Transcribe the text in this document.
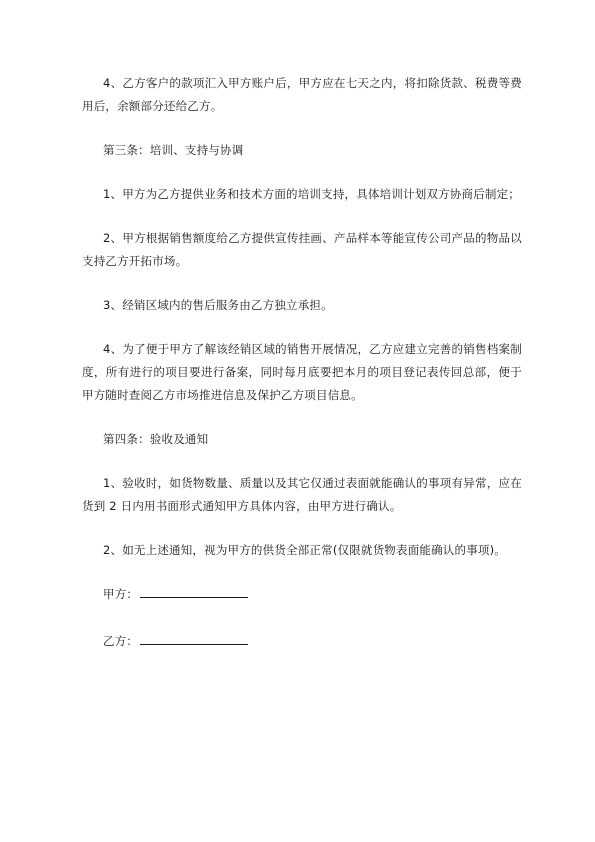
4、乙方客户的款项汇入甲方账户后，甲方应在七天之内，将扣除货款、税费等费用后，余额部分还给乙方。

第三条：培训、支持与协调

1、甲方为乙方提供业务和技术方面的培训支持，具体培训计划双方协商后制定；

2、甲方根据销售额度给乙方提供宣传挂画、产品样本等能宣传公司产品的物品以支持乙方开拓市场。

3、经销区域内的售后服务由乙方独立承担。

4、为了便于甲方了解该经销区域的销售开展情况，乙方应建立完善的销售档案制度，所有进行的项目要进行备案，同时每月底要把本月的项目登记表传回总部，便于甲方随时查阅乙方市场推进信息及保护乙方项目信息。

第四条：验收及通知

1、验收时，如货物数量、质量以及其它仅通过表面就能确认的事项有异常，应在货到 2 日内用书面形式通知甲方具体内容，由甲方进行确认。

2、如无上述通知，视为甲方的供货全部正常(仅限就货物表面能确认的事项)。

甲方：
乙方：
